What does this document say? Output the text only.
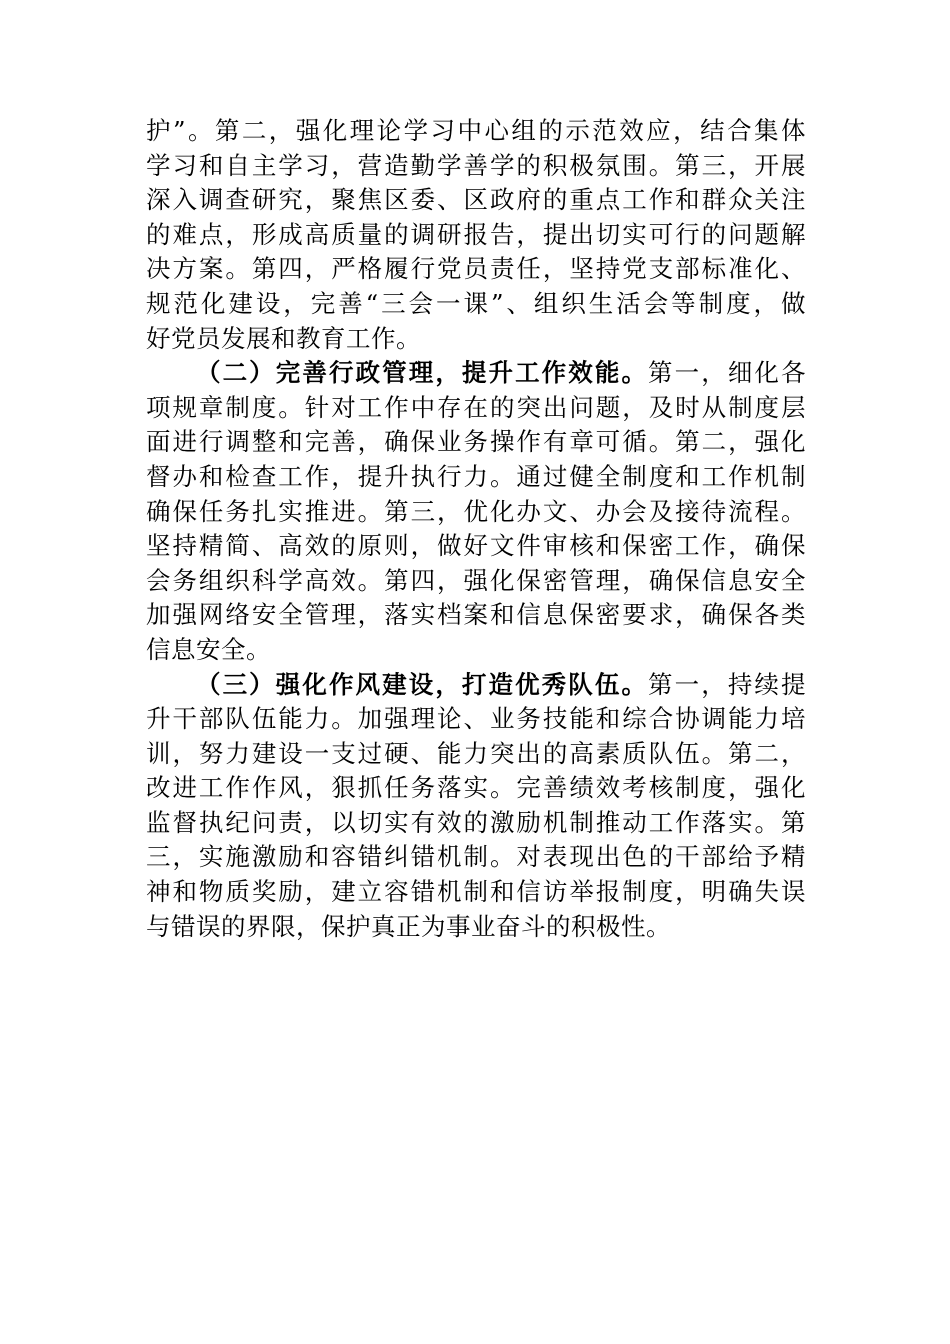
护”。第二，强化理论学习中心组的示范效应，结合集体
学习和自主学习，营造勤学善学的积极氛围。第三，开展
深入调查研究，聚焦区委、区政府的重点工作和群众关注
的难点，形成高质量的调研报告，提出切实可行的问题解
决方案。第四，严格履行党员责任，坚持党支部标准化、
规范化建设，完善“三会一课”、组织生活会等制度，做
好党员发展和教育工作。
（二）完善行政管理，提升工作效能。第一，细化各
项规章制度。针对工作中存在的突出问题，及时从制度层
面进行调整和完善，确保业务操作有章可循。第二，强化
督办和检查工作，提升执行力。通过健全制度和工作机制
确保任务扎实推进。第三，优化办文、办会及接待流程。
坚持精简、高效的原则，做好文件审核和保密工作，确保
会务组织科学高效。第四，强化保密管理，确保信息安全
加强网络安全管理，落实档案和信息保密要求，确保各类
信息安全。
（三）强化作风建设，打造优秀队伍。第一，持续提
升干部队伍能力。加强理论、业务技能和综合协调能力培
训，努力建设一支过硬、能力突出的高素质队伍。第二，
改进工作作风，狠抓任务落实。完善绩效考核制度，强化
监督执纪问责，以切实有效的激励机制推动工作落实。第
三，实施激励和容错纠错机制。对表现出色的干部给予精
神和物质奖励，建立容错机制和信访举报制度，明确失误
与错误的界限，保护真正为事业奋斗的积极性。
